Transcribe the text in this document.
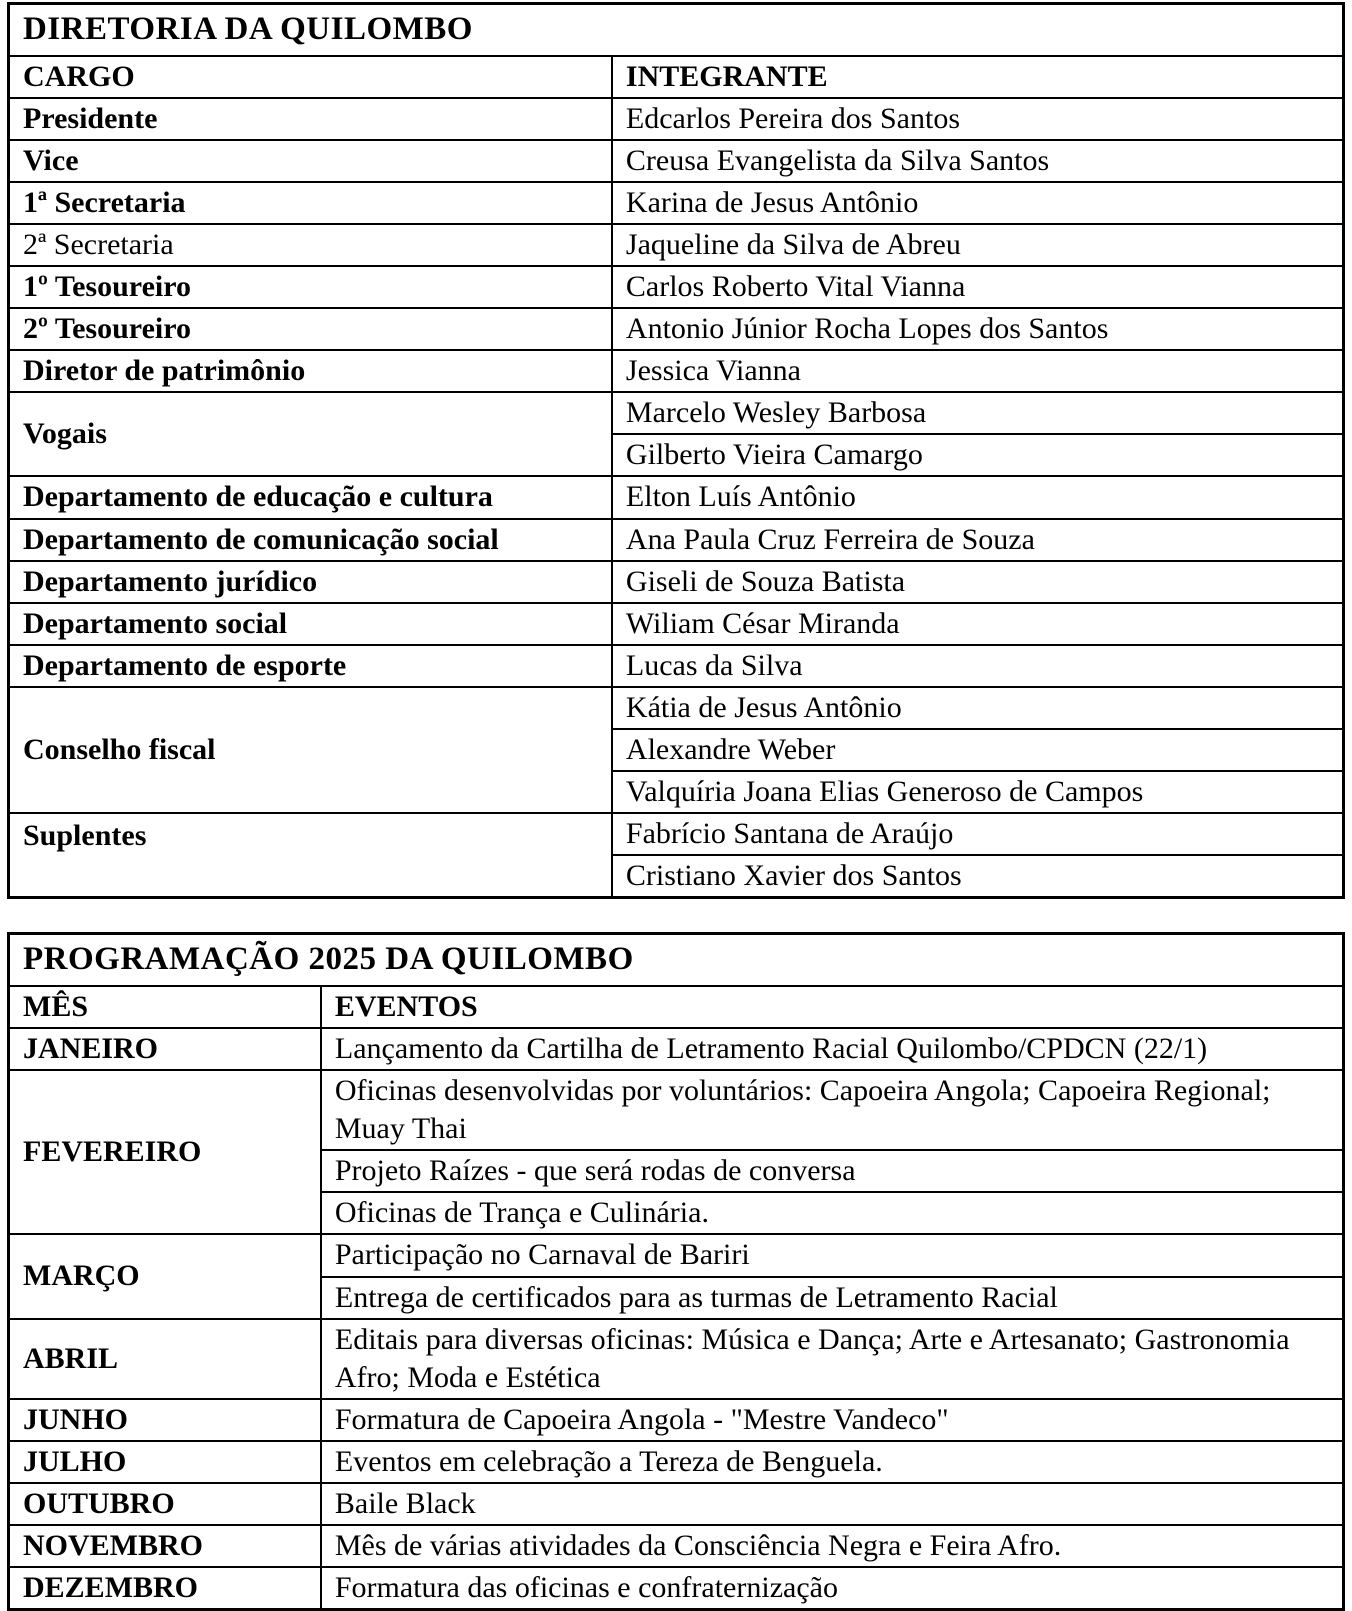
DIRETORIA DA QUILOMBO	
CARGO	INTEGRANTE
Presidente	Edcarlos Pereira dos Santos
Vice	Creusa Evangelista da Silva Santos
1ª Secretaria	Karina de Jesus Antônio
2ª Secretaria	Jaqueline da Silva de Abreu
1º Tesoureiro	Carlos Roberto Vital Vianna
2º Tesoureiro	Antonio Júnior Rocha Lopes dos Santos
Diretor de patrimônio	Jessica Vianna
Vogais	Marcelo Wesley Barbosa
	Gilberto Vieira Camargo
Departamento de educação e cultura	Elton Luís Antônio
Departamento de comunicação social	Ana Paula Cruz Ferreira de Souza
Departamento jurídico	Giseli de Souza Batista
Departamento social	Wiliam César Miranda
Departamento de esporte	Lucas da Silva
Conselho fiscal	Kátia de Jesus Antônio
	Alexandre Weber
	Valquíria Joana Elias Generoso de Campos
Suplentes	Fabrício Santana de Araújo
	Cristiano Xavier dos Santos
PROGRAMAÇÃO 2025 DA QUILOMBO	
MÊS	EVENTOS
JANEIRO	Lançamento da Cartilha de Letramento Racial Quilombo/CPDCN (22/1)
FEVEREIRO	Oficinas desenvolvidas por voluntários: Capoeira Angola; Capoeira Regional; Muay Thai
	Projeto Raízes - que será rodas de conversa
	Oficinas de Trança e Culinária.
MARÇO	Participação no Carnaval de Bariri
	Entrega de certificados para as turmas de Letramento Racial
ABRIL	Editais para diversas oficinas: Música e Dança; Arte e Artesanato; Gastronomia Afro; Moda e Estética
JUNHO	Formatura de Capoeira Angola - "Mestre Vandeco"
JULHO	Eventos em celebração a Tereza de Benguela.
OUTUBRO	Baile Black
NOVEMBRO	Mês de várias atividades da Consciência Negra e Feira Afro.
DEZEMBRO	Formatura das oficinas e confraternização
